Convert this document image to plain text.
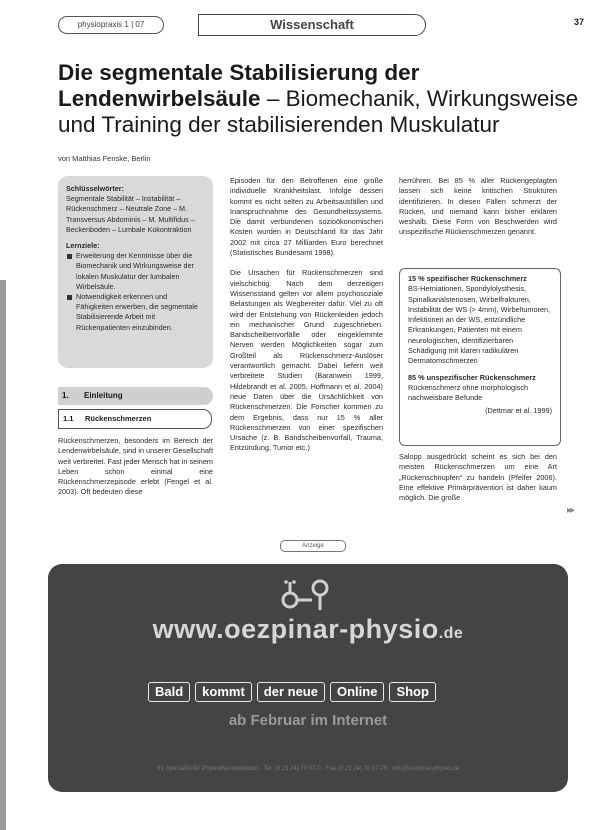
physiopraxis 1 | 07	Wissenschaft	37
Die segmentale Stabilisierung der Lendenwirbelsäule – Biomechanik, Wirkungsweise und Training der stabilisierenden Muskulatur
von Matthias Fenske, Berlin
Schlüsselwörter:
Segmentale Stabilität – Instabilität – Rückenschmerz – Neutrale Zone – M. Transversus Abdominis – M. Multifidus – Beckenboden – Lumbale Kokontraktion
Lernziele:
Erweiterung der Kenntnisse über die Biomechanik und Wirkungsweise der lokalen Muskulatur der lumbalen Wirbelsäule.
Notwendigkeit erkennen und Fähigkeiten erwerben, die segmentale Stabilisierende Arbeit mit Rückenpatienten einzubinden.
1. Einleitung
1.1 Rückenschmerzen
Rückenschmerzen, besonders im Bereich der Lendenwirbelsäule, sind in unserer Gesellschaft weit verbreitet. Fast jeder Mensch hat in seinem Leben schon einmal eine Rückenschmerzepisode erlebt (Fengel et al. 2003). Oft bedeuten diese

Episoden für den Betroffenen eine große individuelle Krankheitslast. Infolge dessen kommt es nicht selten zu Arbeitsausfällen und Inanspruchnahme des Gesundheitssystems. Die damit verbundenen sozioökonomischen Kosten wurden in Deutschland für das Jahr 2002 mit circa 27 Milliarden Euro berechnet (Statistisches Bundesamt 1998).

Die Ursachen für Rückenschmerzen sind vielschichtig. Nach dem derzeitigen Wissensstand gelten vor allem psychosoziale Belastungen als Wegbereiter dafür. Viel zu oft wird der Entstehung von Rückenleiden jedoch ein mechanischer Grund zugeschrieben. Bandscheibenvorfälle oder eingeklemmte Nerven werden Möglichkeiten sogar zum Großteil als Rückenschmerz-Auslöser verantwortlich gemacht. Dabei liefern weit verbreitete Studien (Baranwein 1999, Hildebrandt et al. 2005, Hoffmann et al. 2004) neue Daten über die Ursächlichkeit von Rückenschmerzen. Die Forscher kommen zu dem Ergebnis, dass nur 15 % aller Rückenschmerzen von einer spezifischen Ursache (z. B. Bandscheibenvorfall, Trauma, Entzündung, Tumor etc.)

herrühren. Bei 85 % aller Rückengeplagten lassen sich keine kritischen Strukturen identifizieren. In diesen Fällen schmerzt der Rücken, und niemand kann bisher erklären weshalb. Diese Form von Beschwerden wird unspezifische Rückenschmerzen genannt.
15 % spezifischer Rückenschmerz
BS-Herniationen, Spondylolysthesis, Spinalkanalstenosen, Wirbelfrakturen, Instabilität der WS (> 4mm), Wirbeltumoren, Infektionen an der WS, entzündliche Erkrankungen, Patienten mit einem neurologischen, identifizierbaren Schädigung mit klaren radikulären Dermatomschmerzen
85 % unspezifischer Rückenschmerz
Rückenschmerz ohne morphologisch nachweisbare Befunde
(Dettmar et al. 1999)
Salopp ausgedrückt scheint es sich bei den meisten Rückenschmerzen um eine Art „Rückenschnupfen“ zu handeln (Pfeifer 2006). Eine effektive Primärprävention ist daher kaum möglich. Die große
▸▸
Anzeige
www.oezpinar-physio.de
Bald kommt der neue Online Shop
ab Februar im Internet
Ihr Spezialist für Physiotherapiebedarf · Tel. (0 23 24) 70 97-0 · Fax (0 23 24) 70 97-29 · info@oezpinar-physio.de
